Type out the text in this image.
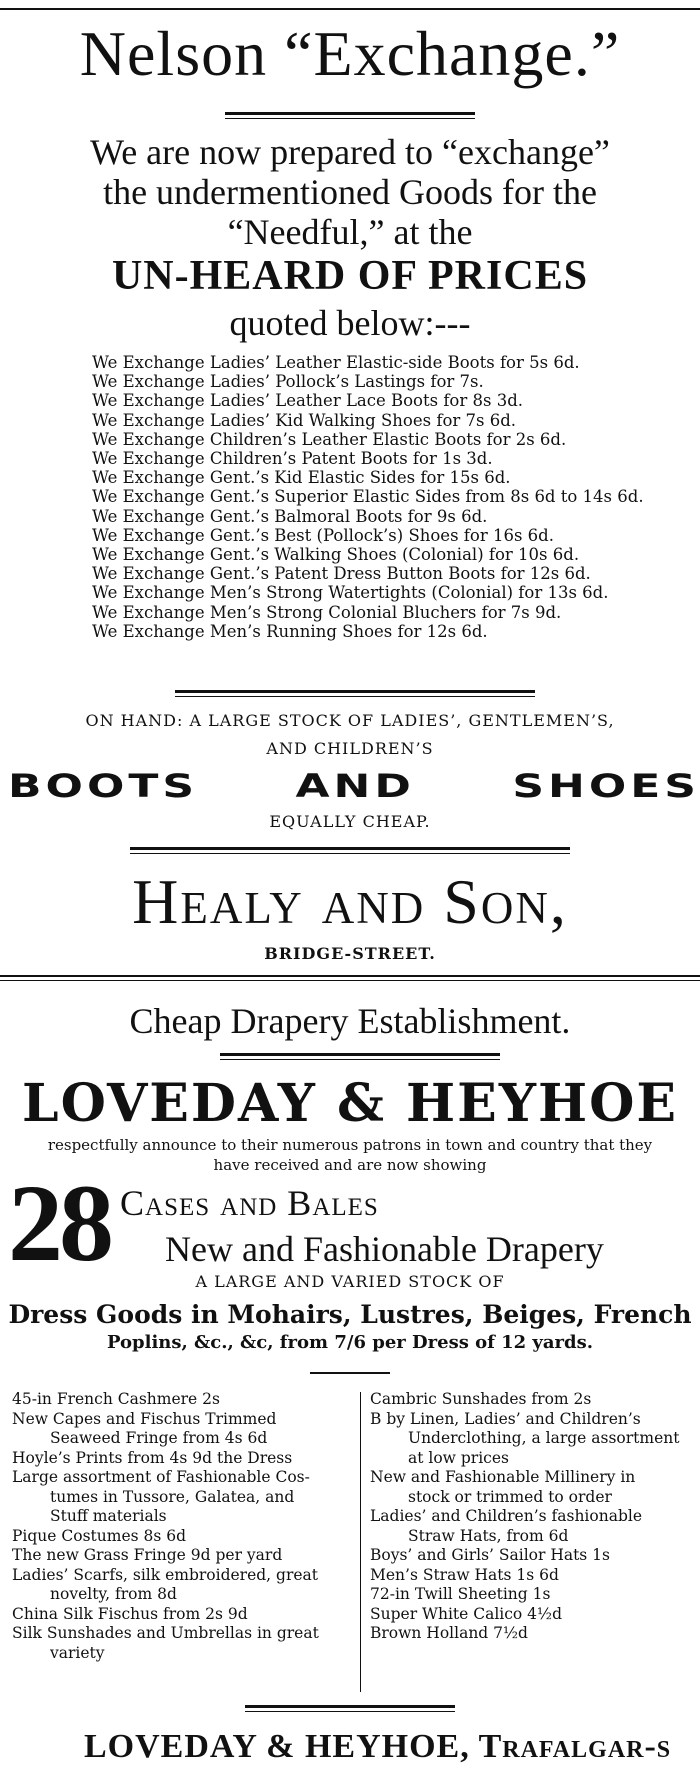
Nelson “Exchange.”
We are now prepared to “exchange”
the undermentioned Goods for the
“Needful,” at the
UN-HEARD OF PRICES
quoted below:---
We Exchange Ladies’ Leather Elastic-side Boots for 5s 6d.
We Exchange Ladies’ Pollock’s Lastings for 7s.
We Exchange Ladies’ Leather Lace Boots for 8s 3d.
We Exchange Ladies’ Kid Walking Shoes for 7s 6d.
We Exchange Children’s Leather Elastic Boots for 2s 6d.
We Exchange Children’s Patent Boots for 1s 3d.
We Exchange Gent.’s Kid Elastic Sides for 15s 6d.
We Exchange Gent.’s Superior Elastic Sides from 8s 6d to 14s 6d.
We Exchange Gent.’s Balmoral Boots for 9s 6d.
We Exchange Gent.’s Best (Pollock’s) Shoes for 16s 6d.
We Exchange Gent.’s Walking Shoes (Colonial) for 10s 6d.
We Exchange Gent.’s Patent Dress Button Boots for 12s 6d.
We Exchange Men’s Strong Watertights (Colonial) for 13s 6d.
We Exchange Men’s Strong Colonial Bluchers for 7s 9d.
We Exchange Men’s Running Shoes for 12s 6d.
ON HAND: A LARGE STOCK OF LADIES’, GENTLEMEN’S,
AND CHILDREN’S
BOOTS AND SHOES
EQUALLY CHEAP.
Healy and Son,
BRIDGE-STREET.
Cheap Drapery Establishment.
LOVEDAY & HEYHOE
respectfully announce to their numerous patrons in town and country that they
have received and are now showing
28 Cases and Bales
New and Fashionable Drapery
A LARGE AND VARIED STOCK OF
Dress Goods in Mohairs, Lustres, Beiges, French
Poplins, &c., &c, from 7/6 per Dress of 12 yards.
45-in French Cashmere 2s
New Capes and Fischus Trimmed
Seaweed Fringe from 4s 6d
Hoyle’s Prints from 4s 9d the Dress
Large assortment of Fashionable Cos-
tumes in Tussore, Galatea, and
Stuff materials
Pique Costumes 8s 6d
The new Grass Fringe 9d per yard
Ladies’ Scarfs, silk embroidered, great
novelty, from 8d
China Silk Fischus from 2s 9d
Silk Sunshades and Umbrellas in great
variety
Cambric Sunshades from 2s
B by Linen, Ladies’ and Children’s
Underclothing, a large assortment
at low prices
New and Fashionable Millinery in
stock or trimmed to order
Ladies’ and Children’s fashionable
Straw Hats, from 6d
Boys’ and Girls’ Sailor Hats 1s
Men’s Straw Hats 1s 6d
72-in Twill Sheeting 1s
Super White Calico 4½d
Brown Holland 7½d
LOVEDAY & HEYHOE, Trafalgar-s
